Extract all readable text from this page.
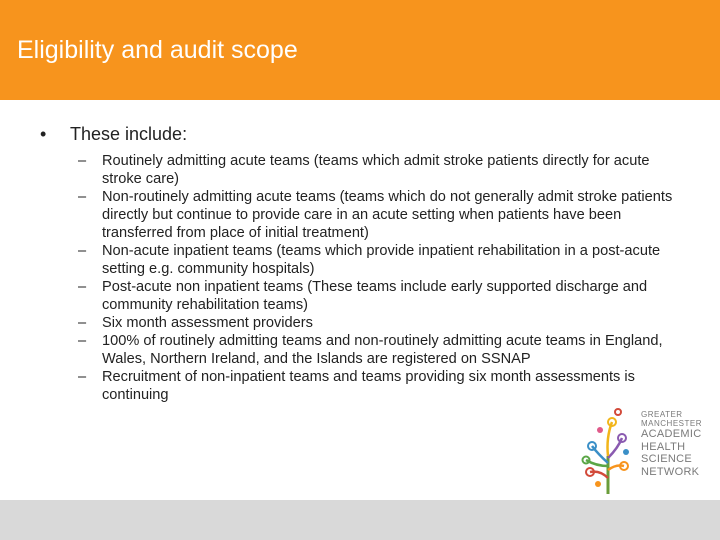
Eligibility and audit scope
• These include:
– Routinely admitting acute teams (teams which admit stroke patients directly for acute stroke care)
– Non-routinely admitting acute teams (teams which do not generally admit stroke patients directly but continue to provide care in an acute setting when patients have been transferred from place of initial treatment)
– Non-acute inpatient teams (teams which provide inpatient rehabilitation in a post-acute setting e.g. community hospitals)
– Post-acute non inpatient teams (These teams include early supported discharge and community rehabilitation teams)
– Six month assessment providers
– 100% of routinely admitting teams and non-routinely admitting acute teams in England, Wales, Northern Ireland, and the Islands are registered on SSNAP
– Recruitment of non-inpatient teams and teams providing six month assessments is continuing
GREATER
MANCHESTER
ACADEMIC
HEALTH
SCIENCE
NETWORK
